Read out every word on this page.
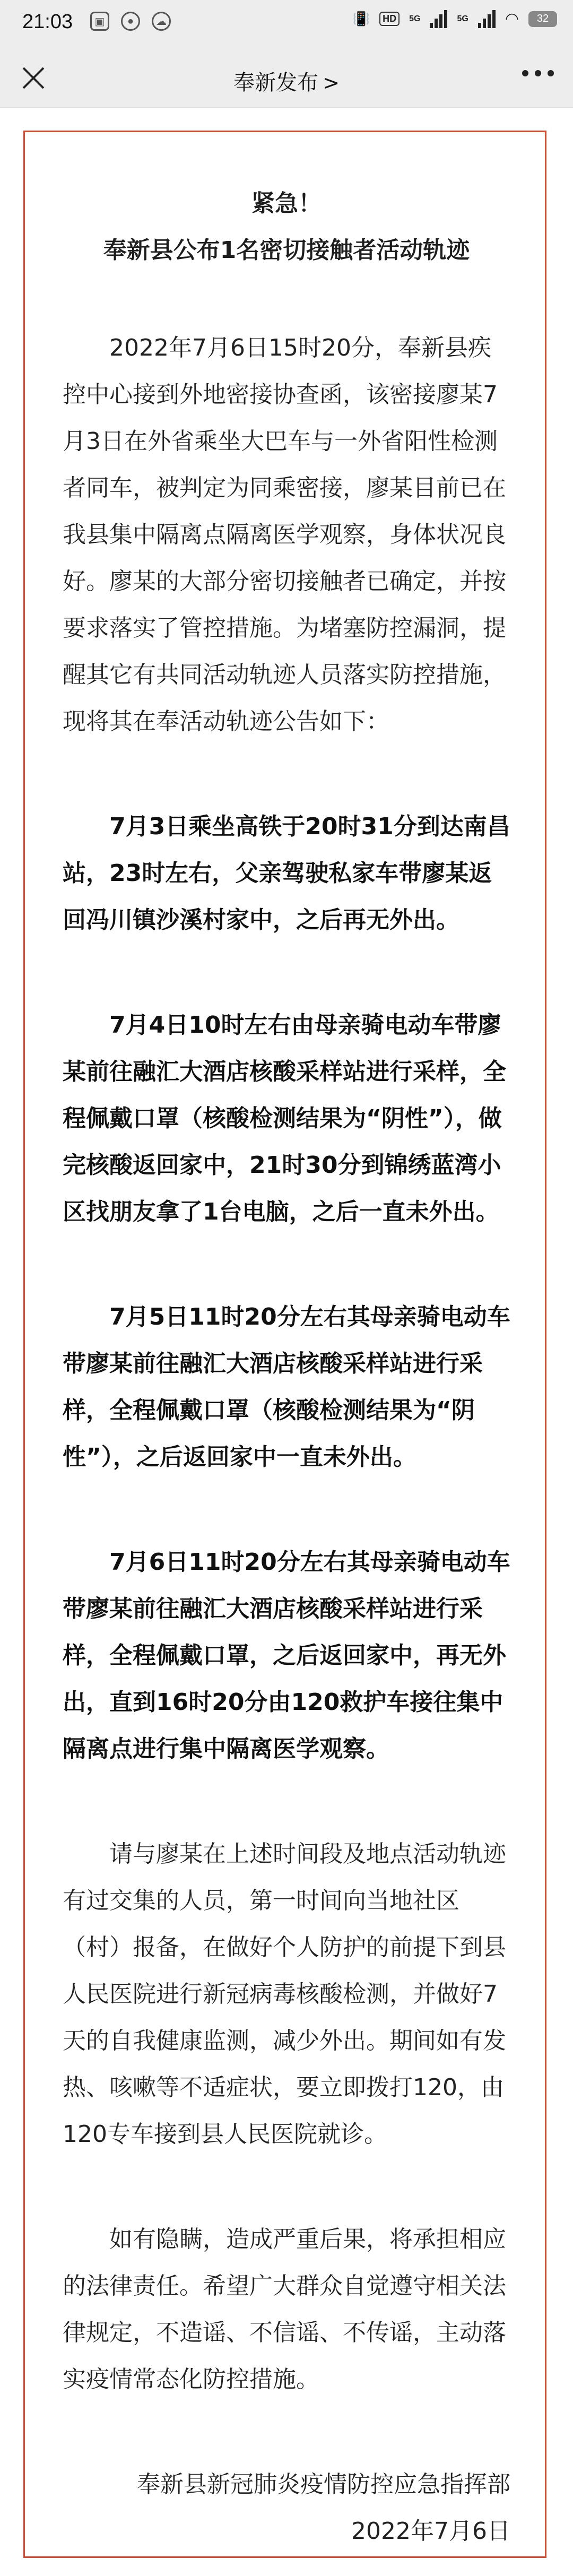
21:03	▣	●	☁	📳	HD	5G	5G ◠	32
奉新发布 >

紧急！

奉新县公布1名密切接触者活动轨迹

　　2022年7月6日15时20分，奉新县疾控中心接到外地密接协查函，该密接廖某7月3日在外省乘坐大巴车与一外省阳性检测者同车，被判定为同乘密接，廖某目前已在我县集中隔离点隔离医学观察，身体状况良好。廖某的大部分密切接触者已确定，并按要求落实了管控措施。为堵塞防控漏洞，提醒其它有共同活动轨迹人员落实防控措施，现将其在奉活动轨迹公告如下：

　　7月3日乘坐高铁于20时31分到达南昌站，23时左右，父亲驾驶私家车带廖某返回冯川镇沙溪村家中，之后再无外出。

　　7月4日10时左右由母亲骑电动车带廖某前往融汇大酒店核酸采样站进行采样，全程佩戴口罩（核酸检测结果为“阴性”），做完核酸返回家中，21时30分到锦绣蓝湾小区找朋友拿了1台电脑，之后一直未外出。

　　7月5日11时20分左右其母亲骑电动车带廖某前往融汇大酒店核酸采样站进行采样，全程佩戴口罩（核酸检测结果为“阴性”），之后返回家中一直未外出。

　　7月6日11时20分左右其母亲骑电动车带廖某前往融汇大酒店核酸采样站进行采样，全程佩戴口罩，之后返回家中，再无外出，直到16时20分由120救护车接往集中隔离点进行集中隔离医学观察。

　　请与廖某在上述时间段及地点活动轨迹有过交集的人员，第一时间向当地社区（村）报备，在做好个人防护的前提下到县人民医院进行新冠病毒核酸检测，并做好7天的自我健康监测，减少外出。期间如有发热、咳嗽等不适症状，要立即拨打120，由120专车接到县人民医院就诊。

　　如有隐瞒，造成严重后果，将承担相应的法律责任。希望广大群众自觉遵守相关法律规定，不造谣、不信谣、不传谣，主动落实疫情常态化防控措施。

奉新县新冠肺炎疫情防控应急指挥部

2022年7月6日
